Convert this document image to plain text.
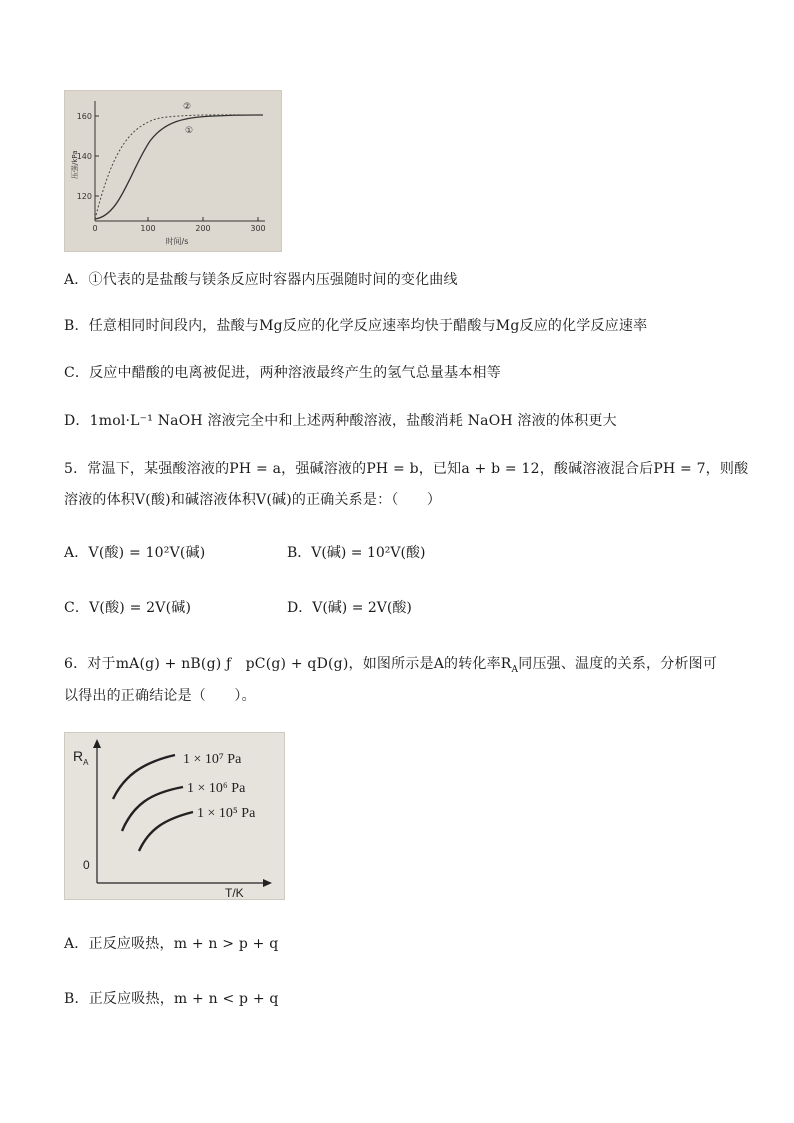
160
140
120
0	100	200	300
压强/kPa
时间/s
②
①
A．①代表的是盐酸与镁条反应时容器内压强随时间的变化曲线
B．任意相同时间段内，盐酸与Mg反应的化学反应速率均快于醋酸与Mg反应的化学反应速率
C．反应中醋酸的电离被促进，两种溶液最终产生的氢气总量基本相等
D．1mol·L⁻¹ NaOH 溶液完全中和上述两种酸溶液，盐酸消耗 NaOH 溶液的体积更大
5．常温下，某强酸溶液的PH = a，强碱溶液的PH = b，已知a + b = 12，酸碱溶液混合后PH = 7，则酸
溶液的体积V(酸)和碱溶液体积V(碱)的正确关系是：（　　）
A．V(酸) = 10²V(碱)	B．V(碱) = 10²V(酸)
C．V(酸) = 2V(碱)	D．V(碱) = 2V(酸)
6．对于mA(g) + nB(g) ƒ　pC(g) + qD(g)，如图所示是A的转化率$R_A$同压强、温度的关系，分析图可
以得出的正确结论是（　　）。
$R_A$
0
T/K
1 × 10⁷ Pa
1 × 10⁶ Pa
1 × 10⁵ Pa
A．正反应吸热，m + n > p + q
B．正反应吸热，m + n < p + q
